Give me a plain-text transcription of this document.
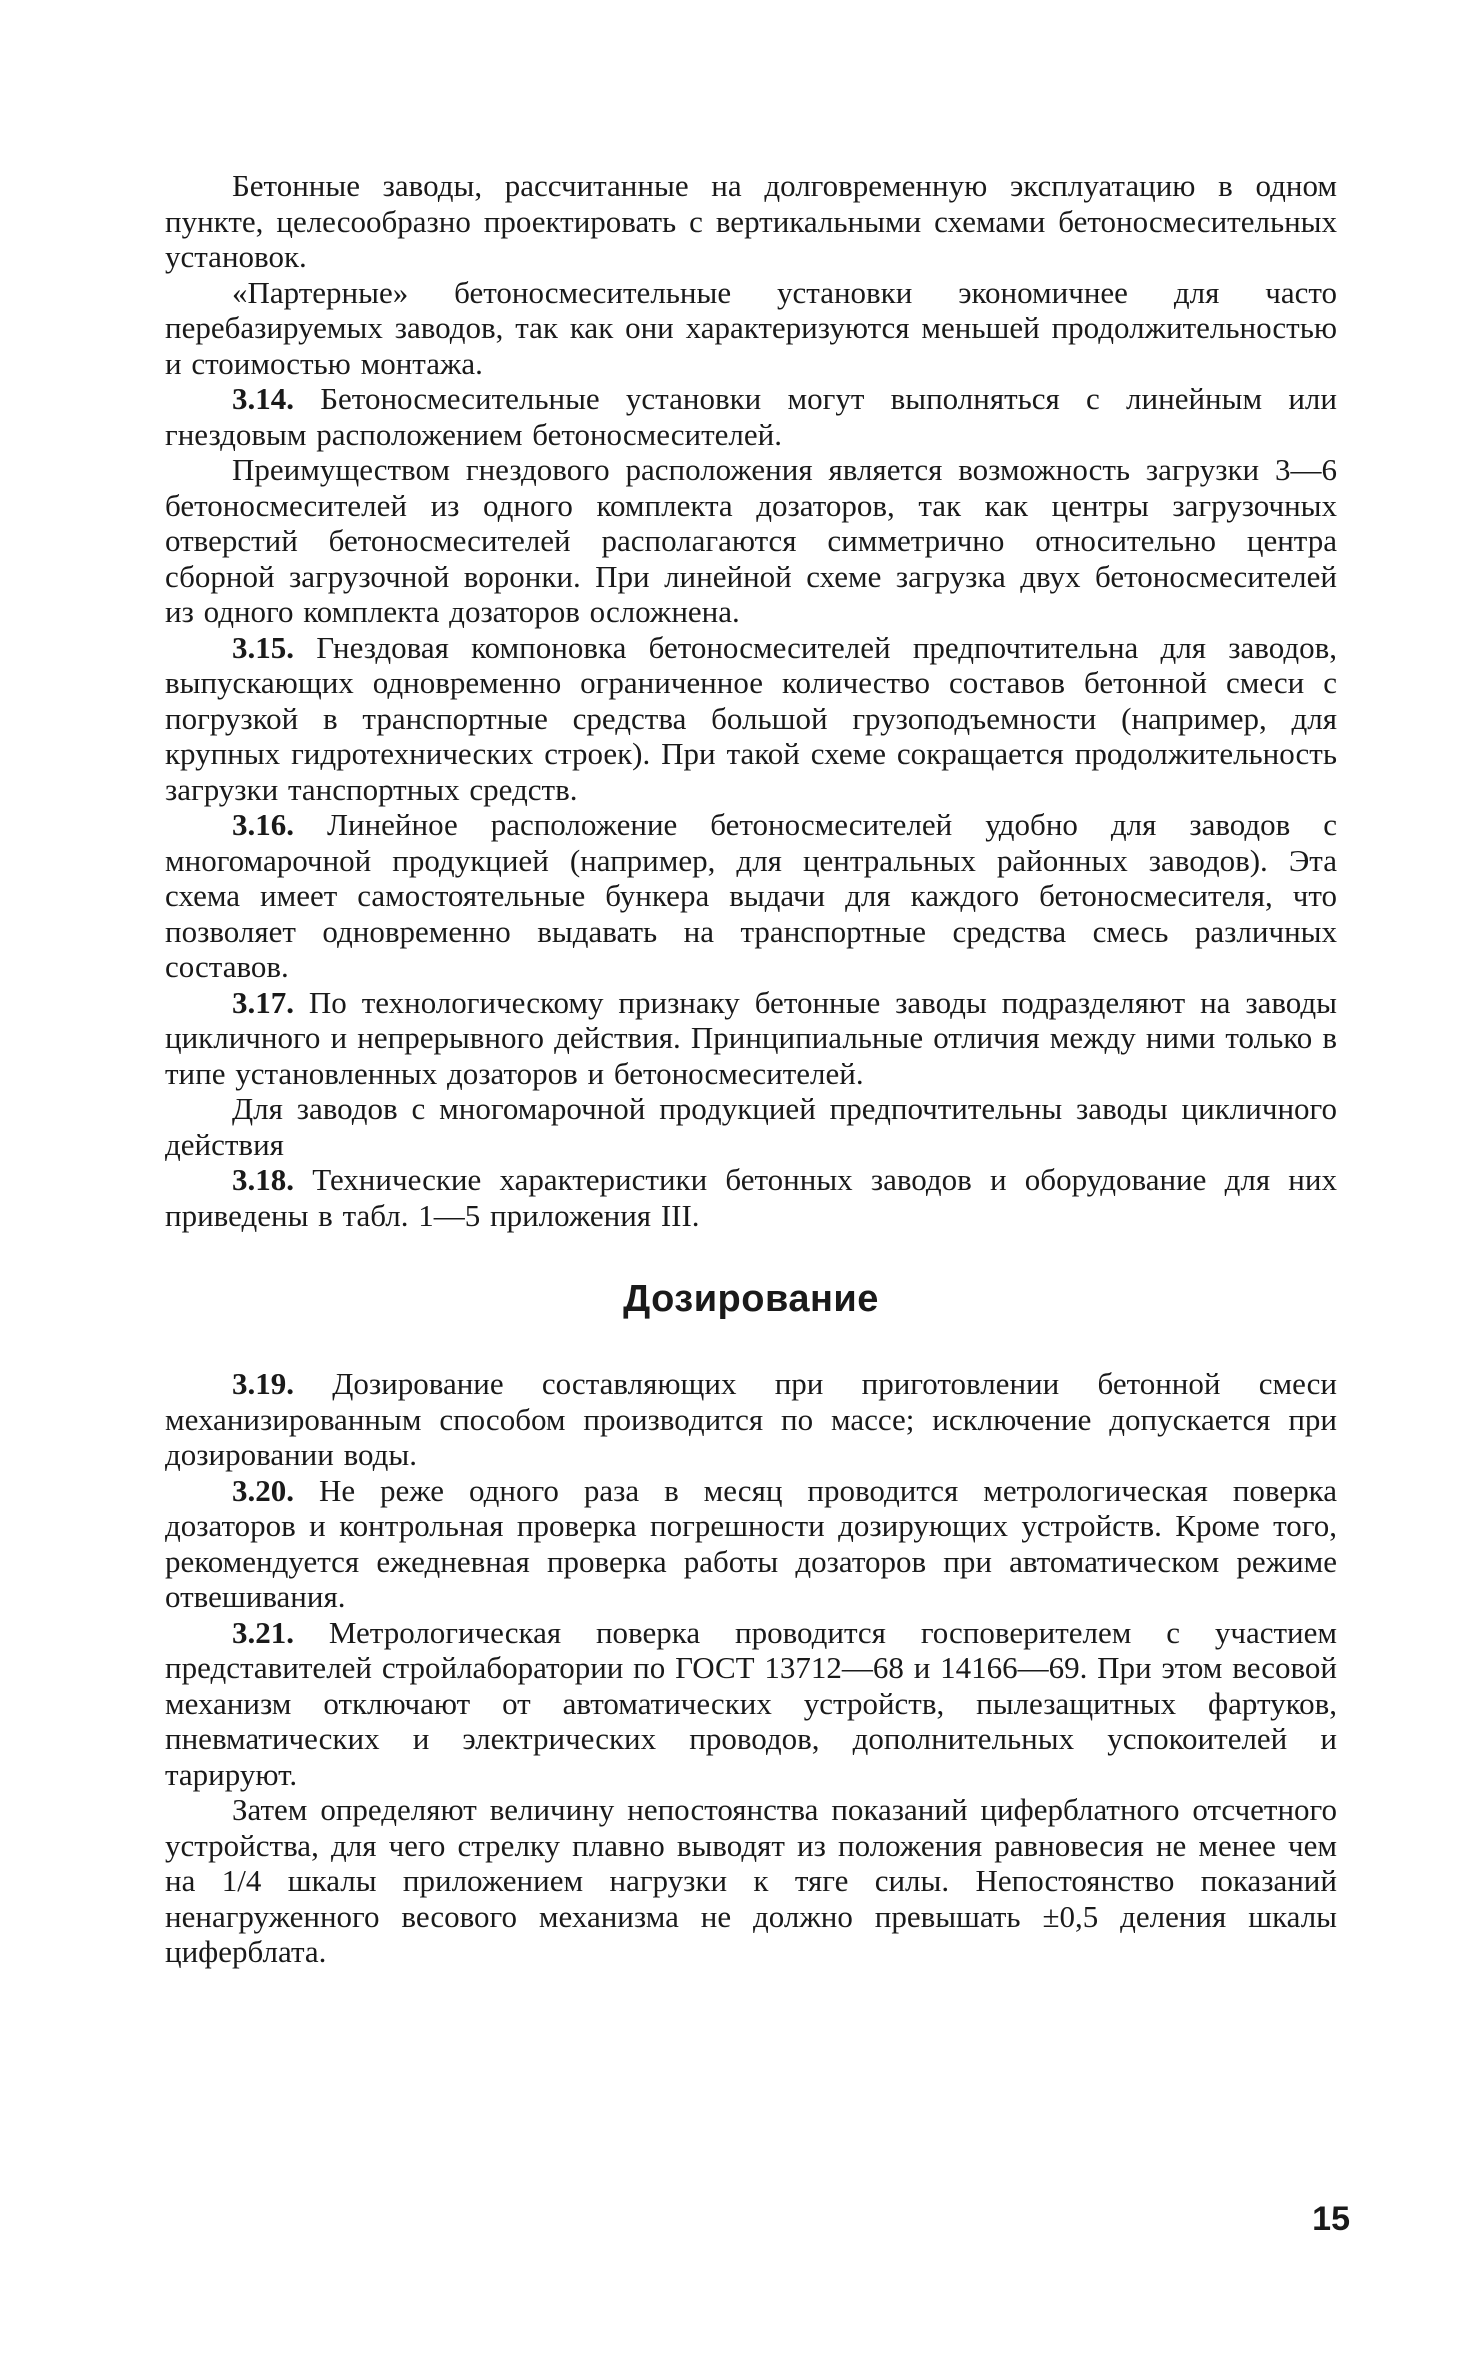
Бетонные заводы, рассчитанные на долговременную эксплуатацию в одном пункте, целесообразно проектировать с вертикальными схемами бетоносмесительных установок.

«Партерные» бетоносмесительные установки экономичнее для часто перебазируемых заводов, так как они характеризуются меньшей продолжительностью и стоимостью монтажа.

3.14. Бетоносмесительные установки могут выполняться с линейным или гнездовым расположением бетоносмесителей.

Преимуществом гнездового расположения является возможность загрузки 3—6 бетоносмесителей из одного комплекта дозаторов, так как центры загрузочных отверстий бетоносмесителей располагаются симметрично относительно центра сборной загрузочной воронки. При линейной схеме загрузка двух бетоносмесителей из одного комплекта дозаторов осложнена.

3.15. Гнездовая компоновка бетоносмесителей предпочтительна для заводов, выпускающих одновременно ограниченное количество составов бетонной смеси с погрузкой в транспортные средства большой грузоподъемности (например, для крупных гидротехнических строек). При такой схеме сокращается продолжительность загрузки танспортных средств.

3.16. Линейное расположение бетоносмесителей удобно для заводов с многомарочной продукцией (например, для центральных районных заводов). Эта схема имеет самостоятельные бункера выдачи для каждого бетоносмесителя, что позволяет одновременно выдавать на транспортные средства смесь различных составов.

3.17. По технологическому признаку бетонные заводы подразделяют на заводы цикличного и непрерывного действия. Принципиальные отличия между ними только в типе установленных дозаторов и бетоносмесителей.

Для заводов с многомарочной продукцией предпочтительны заводы цикличного действия

3.18. Технические характеристики бетонных заводов и оборудование для них приведены в табл. 1—5 приложения III.

Дозирование

3.19. Дозирование составляющих при приготовлении бетонной смеси механизированным способом производится по массе; исключение допускается при дозировании воды.

3.20. Не реже одного раза в месяц проводится метрологическая поверка дозаторов и контрольная проверка погрешности дозирующих устройств. Кроме того, рекомендуется ежедневная проверка работы дозаторов при автоматическом режиме отвешивания.

3.21. Метрологическая поверка проводится госповерителем с участием представителей стройлаборатории по ГОСТ 13712—68 и 14166—69. При этом весовой механизм отключают от автоматических устройств, пылезащитных фартуков, пневматических и электрических проводов, дополнительных успокоителей и тарируют.

Затем определяют величину непостоянства показаний циферблатного отсчетного устройства, для чего стрелку плавно выводят из положения равновесия не менее чем на 1/4 шкалы приложением нагрузки к тяге силы. Непостоянство показаний ненагруженного весового механизма не должно превышать ±0,5 деления шкалы циферблата.

15
